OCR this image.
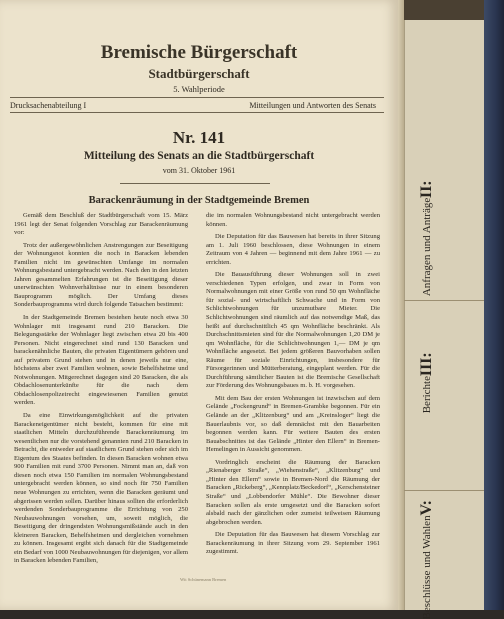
Bremische Bürgerschaft
Stadtbürgerschaft
5. Wahlperiode
Drucksachenabteilung I	Mitteilungen und Antworten des Senats
Nr. 141
Mitteilung des Senats an die Stadtbürgerschaft
vom 31. Oktober 1961
Barackenräumung in der Stadtgemeinde Bremen

Gemäß dem Beschluß der Stadtbürgerschaft vom 15. März 1961 legt der Senat folgenden Vorschlag zur Barackenräumung vor:

Trotz der außergewöhnlichen Anstrengungen zur Beseitigung der Wohnungsnot konnten die noch in Baracken lebenden Familien nicht im gewünschten Umfange im normalen Wohnungsbestand untergebracht werden. Nach den in den letzten Jahren gesammelten Erfahrungen ist die Beseitigung dieser unerwünschten Wohnverhältnisse nur in einem besonderen Bauprogramm möglich. Der Umfang dieses Sonderbauprogramms wird durch folgende Tatsachen bestimmt:

In der Stadtgemeinde Bremen bestehen heute noch etwa 30 Wohnlager mit insgesamt rund 210 Baracken. Die Belegungsstärke der Wohnlager liegt zwischen etwa 20 bis 400 Personen. Nicht eingerechnet sind rund 130 Baracken und barackenähnliche Bauten, die privaten Eigentümern gehören und auf privatem Grund stehen und in denen jeweils nur eine, höchstens aber zwei Familien wohnen, sowie Behelfsheime und Notwohnungen. Mitgerechnet dagegen sind 20 Baracken, die als Obdachlosenunterkünfte für die nach dem Obdachlosenpolizeirecht eingewiesenen Familien genutzt werden.

Da eine Einwirkungsmöglichkeit auf die privaten Barackeneigentümer nicht besteht, kommen für eine mit staatlichen Mitteln durchzuführende Barackenräumung im wesentlichen nur die vorstehend genannten rund 210 Baracken in Betracht, die entweder auf staatlichem Grund stehen oder sich im Eigentum des Staates befinden. In diesen Baracken wohnen etwa 900 Familien mit rund 3700 Personen. Nimmt man an, daß von diesen noch etwa 150 Familien im normalen Wohnungsbestand untergebracht werden können, so sind noch für 750 Familien neue Wohnungen zu errichten, wenn die Baracken geräumt und abgerissen werden sollen. Darüber hinaus sollten die erforderlich werdenden Sonderbauprogramme die Errichtung von 250 Neubauwohnungen vorsehen, um, soweit möglich, die Beseitigung der dringendsten Wohnungsmißstände auch in den kleineren Baracken, Behelfsheimen und dergleichen vornehmen zu können. Insgesamt ergibt sich danach für die Stadtgemeinde ein Bedarf von 1000 Neubauwohnungen für diejenigen, vor allem in Baracken lebenden Familien,

die im normalen Wohnungsbestand nicht untergebracht werden können.

Die Deputation für das Bauwesen hat bereits in ihrer Sitzung am 1. Juli 1960 beschlossen, diese Wohnungen in einem Zeitraum von 4 Jahren — beginnend mit dem Jahre 1961 — zu errichten.

Die Bauausführung dieser Wohnungen soll in zwei verschiedenen Typen erfolgen, und zwar in Form von Normalwohnungen mit einer Größe von rund 50 qm Wohnfläche für sozial- und wirtschaftlich Schwache und in Form von Schlichtwohnungen für unzumutbare Mieter. Die Schlichtwohnungen sind räumlich auf das notwendige Maß, das heißt auf durchschnittlich 45 qm Wohnfläche beschränkt. Als Durchschnittsmieten sind für die Normalwohnungen 1,20 DM je qm Wohnfläche, für die Schlichtwohnungen 1,— DM je qm Wohnfläche angesetzt. Bei jedem größeren Bauvorhaben sollen Räume für soziale Einrichtungen, insbesondere für Fürsorgerinnen und Mütterberatung, eingeplant werden. Für die Durchführung sämtlicher Bauten ist die Bremische Gesellschaft zur Förderung des Wohnungsbaues m. b. H. vorgesehen.

Mit dem Bau der ersten Wohnungen ist inzwischen auf dem Gelände „Fockengrund“ in Bremen-Grambke begonnen. Für ein Gelände an der „Klitzenburg“ und am „Kreinsloger“ liegt die Bauerlaubnis vor, so daß demnächst mit den Bauarbeiten begonnen werden kann. Für weitere Bauten des ersten Bauabschnittes ist das Gelände „Hinter den Ellern“ in Bremen-Hemelingen in Aussicht genommen.

Vordringlich erscheint die Räumung der Baracken „Rienaberger Straße“, „Wiehenstraße“, „Klitzenburg“ und „Hinter den Ellern“ sowie in Bremen-Nord die Räumung der Baracken „Rickeberg“, „Kennplatz/Beckedorf“, „Kerschensteiner Straße“ und „Lobbendorfer Mühle“. Die Bewohner dieser Baracken sollen als erste umgesetzt und die Baracken sofort alsbald nach der gänzlichen oder zumeist teilweisen Räumung abgebrochen werden.

Die Deputation für das Bauwesen hat diesem Vorschlag zur Barackenräumung in ihrer Sitzung vom 29. September 1961 zugestimmt.

Wit Schünemann Bremen
Anfragen und AnträgeII:
BerichteIII:
Beschlüsse und WahlenV:
